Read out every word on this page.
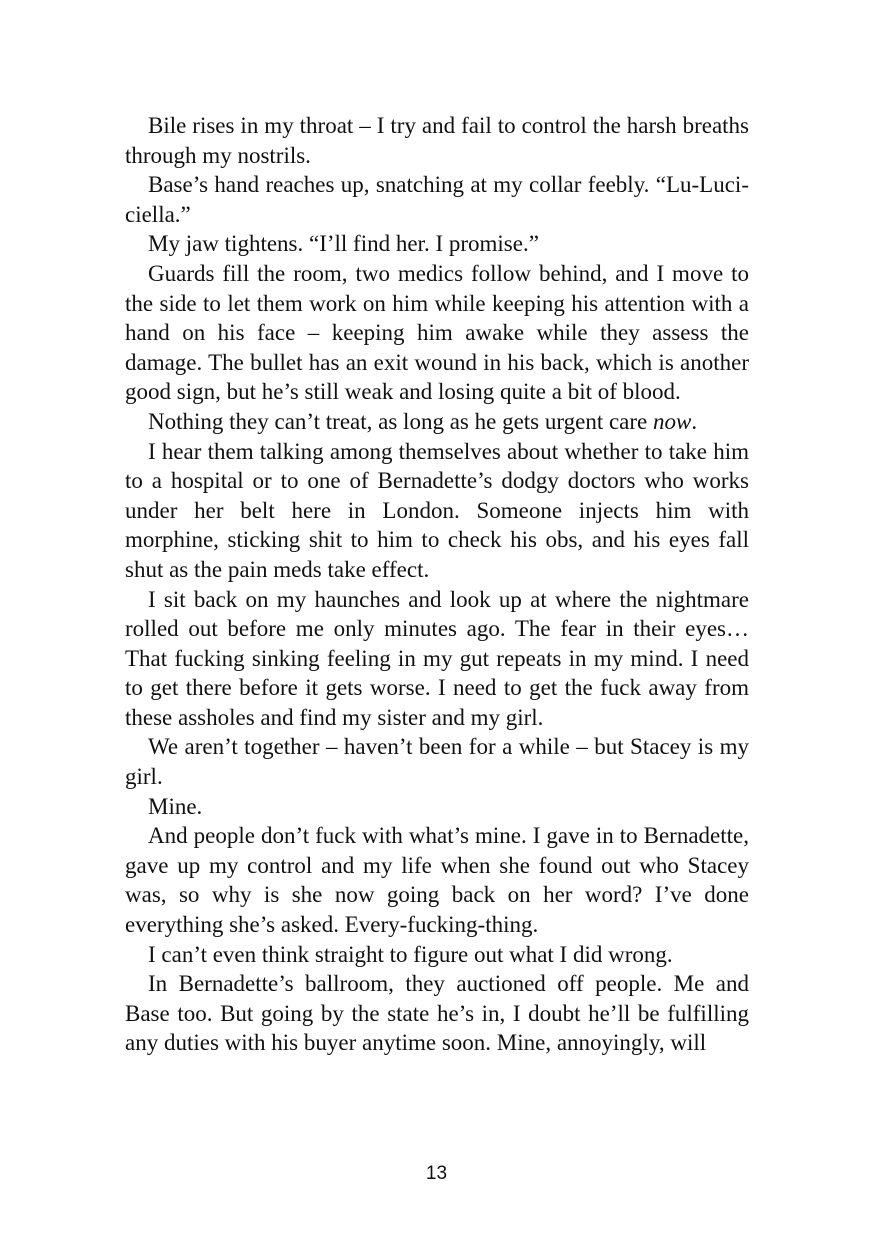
Bile rises in my throat – I try and fail to control the harsh breaths through my nostrils.

Base’s hand reaches up, snatching at my collar feebly. “Lu-Luci-ciella.”

My jaw tightens. “I’ll find her. I promise.”

Guards fill the room, two medics follow behind, and I move to the side to let them work on him while keeping his attention with a hand on his face – keeping him awake while they assess the damage. The bullet has an exit wound in his back, which is another good sign, but he’s still weak and losing quite a bit of blood.

Nothing they can’t treat, as long as he gets urgent care now.

I hear them talking among themselves about whether to take him to a hospital or to one of Bernadette’s dodgy doctors who works under her belt here in London. Someone injects him with morphine, sticking shit to him to check his obs, and his eyes fall shut as the pain meds take effect.

I sit back on my haunches and look up at where the nightmare rolled out before me only minutes ago. The fear in their eyes… That fucking sinking feeling in my gut repeats in my mind. I need to get there before it gets worse. I need to get the fuck away from these assholes and find my sister and my girl.

We aren’t together – haven’t been for a while – but Stacey is my girl.

Mine.

And people don’t fuck with what’s mine. I gave in to Bernadette, gave up my control and my life when she found out who Stacey was, so why is she now going back on her word? I’ve done everything she’s asked. Every-fucking-thing.

I can’t even think straight to figure out what I did wrong.

In Bernadette’s ballroom, they auctioned off people. Me and Base too. But going by the state he’s in, I doubt he’ll be fulfilling any duties with his buyer anytime soon. Mine, annoyingly, will

13
